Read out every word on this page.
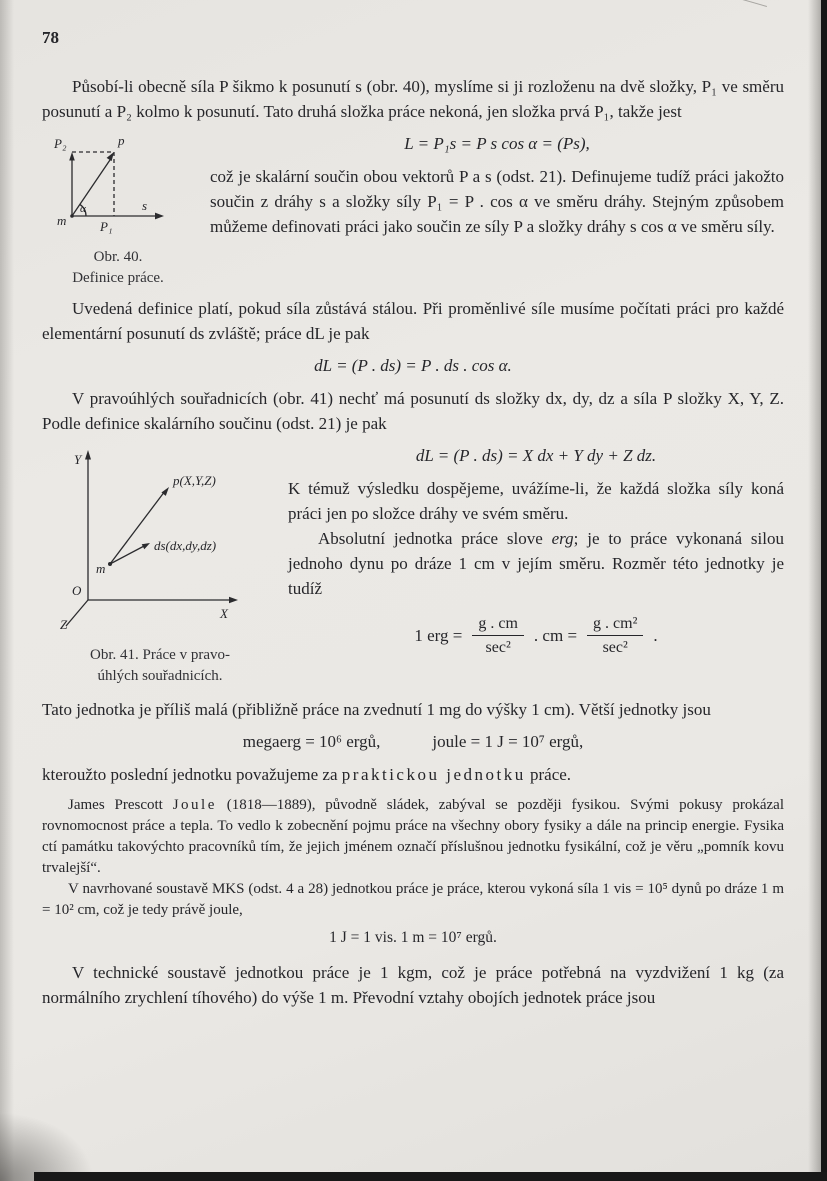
78

Působí-li obecně síla P šikmo k posunutí s (obr. 40), myslíme si ji rozloženu na dvě složky, P₁ ve směru posunutí a P₂ kolmo k posunutí. Tato druhá složka práce nekoná, jen složka prvá P₁, takže jest

P₂	p
s
m
α
P₁
Obr. 40.
Definice práce.
L = P₁s = P s cos α = (Ps),

což je skalární součin obou vektorů P a s (odst. 21). Definujeme tudíž práci jakožto součin z dráhy s a složky síly P₁ = P . cos α ve směru dráhy. Stejným způsobem můžeme definovati práci jako součin ze síly P a složky dráhy s cos α ve směru síly.

Uvedená definice platí, pokud síla zůstává stálou. Při proměnlivé síle musíme počítati práci pro každé elementární posunutí ds zvláště; práce dL je pak

dL = (P . ds) = P . ds . cos α.

V pravoúhlých souřadnicích (obr. 41) nechť má posunutí ds složky dx, dy, dz a síla P složky X, Y, Z. Podle definice skalárního součinu (odst. 21) je pak

Y
X
Z
O
m
p(X,Y,Z)
ds(dx,dy,dz)
Obr. 41. Práce v pravo-
úhlých souřadnicích.
dL = (P . ds) = X dx + Y dy + Z dz.

K témuž výsledku dospějeme, uvážíme-li, že každá složka síly koná práci jen po složce dráhy ve svém směru.

Absolutní jednotka práce slove erg; je to práce vykonaná silou jednoho dynu po dráze 1 cm v jejím směru. Rozměr této jednotky je tudíž

1 erg = $\frac{g . cm}{\text{sec²}}$ . cm = $\frac{\text{g . cm²}}{\text{sec²}}$ .

Tato jednotka je příliš malá (přibližně práce na zvednutí 1 mg do výšky 1 cm). Větší jednotky jsou

megaerg = 10⁶ ergů,	joule = 1 J = 10⁷ ergů,

kteroužto poslední jednotku považujeme za praktickou jednotku práce.

James Prescott Joule (1818—1889), původně sládek, zabýval se později fysikou. Svými pokusy prokázal rovnomocnost práce a tepla. To vedlo k zobecnění pojmu práce na všechny obory fysiky a dále na princip energie. Fysika ctí památku takovýchto pracovníků tím, že jejich jménem označí příslušnou jednotku fysikální, což je věru „pomník kovu trvalejší“.

V navrhované soustavě MKS (odst. 4 a 28) jednotkou práce je práce, kterou vykoná síla 1 vis = 10⁵ dynů po dráze 1 m = 10² cm, což je tedy právě joule,

1 J = 1 vis. 1 m = 10⁷ ergů.

V technické soustavě jednotkou práce je 1 kgm, což je práce potřebná na vyzdvižení 1 kg (za normálního zrychlení tíhového) do výše 1 m. Převodní vztahy obojích jednotek práce jsou
